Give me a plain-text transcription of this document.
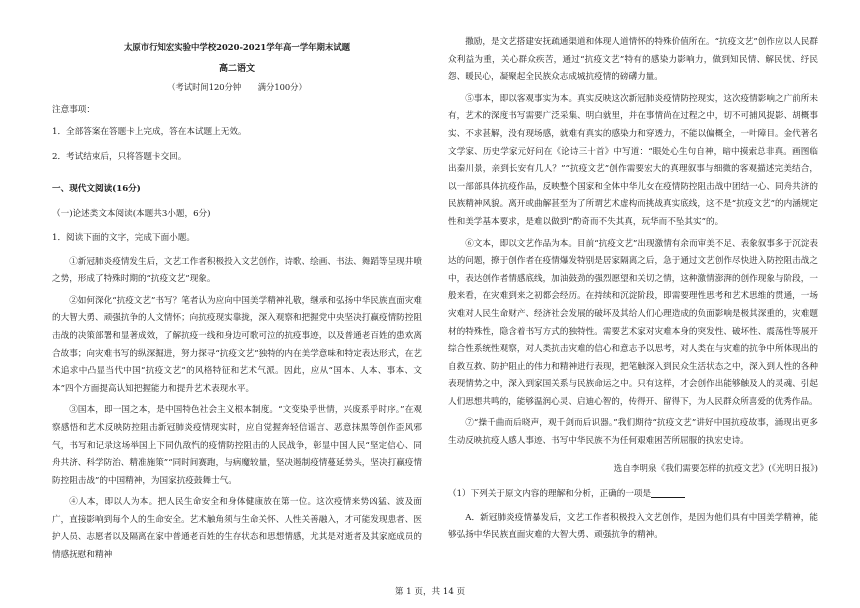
太原市行知宏实验中学校2020-2021学年高一学年期末试题
高二语文
（考试时间120分钟　　满分100分）
注意事项：
1．全部答案在答题卡上完成，答在本试题上无效。
2．考试结束后，只将答题卡交回。
一、现代文阅读(16分)
（一)论述类文本阅读(本题共3小题，6分)
1．阅读下面的文字，完成下面小题。

①新冠肺炎疫情发生后，文艺工作者积极投入文艺创作，诗歌、绘画、书法、舞蹈等呈现井喷之势，形成了特殊时期的“抗疫文艺”现象。

②如何深化“抗疫文艺”书写？笔者认为应向中国美学精神礼敬，继承和弘扬中华民族直面灾难的大智大勇、顽强抗争的人文情怀；向抗疫现实靠拢，深入观察和把握党中央坚决打赢疫情防控阻击战的决策部署和显著成效，了解抗疫一线和身边可歌可泣的抗疫事迹，以及普通老百姓的患欢离合故事；向灾难书写的纵深掘进，努力探寻“抗疫文艺”独特的内在美学意味和特定表达形式，在艺术追求中凸显当代中国“抗疫文艺”的风格特征和艺术气派。因此，应从“国本、人本、事本、文本”四个方面提高认知把握能力和提升艺术表现水平。

③国本，即一国之本，是中国特色社会主义根本制度。“文变染乎世情，兴废系乎时序。”在观察感悟和艺术反映防控阻击新冠肺炎疫情现实时，应自觉握奔轻信谣言、恶意抹黑等创作歪风邪气，书写和记录这场举国上下同仇敌忾的疫情防控阻击的人民战争，彰显中国人民“坚定信心、同舟共济、科学防治、精准施策”“同时间赛跑，与病魔较量，坚决遏制疫情蔓延势头，坚决打赢疫情防控阻击战”的中国精神，为国家抗疫鼓舞士气。

④人本，即以人为本。把人民生命安全和身体健康放在第一位。这次疫情来势凶猛、波及面广，直接影响到每个人的生命安全。艺术触角须与生命关怀、人性关善融入，才可能发现患者、医护人员、志愿者以及隔离在家中普通老百姓的生存状态和思想情感，尤其是对逝者及其家庭成员的情感抚慰和精神

撒励，是文艺搭建安抚疏通渠道和体现人道情怀的特殊价值所在。“抗疫文艺”创作应以人民群众利益为重，关心群众疾苦，通过“抗疫文艺”特有的感染力影响力，做到知民情、解民忧、纾民怨、暖民心，凝聚起全民族众志成城抗疫情的磅礴力量。

⑤事本，即以客观事实为本。真实反映这次新冠肺炎疫情防控现实，这次疫情影响之广前所未有，艺术的深度书写需要广泛采集、明白就里，并在事情尚在过程之中，切不可捕风捉影、胡概事实、不求甚解，没有现场感，就难有真实的感染力和穿透力，不能以偏概全，一叶障目。金代著名文学家、历史学家元好问在《论诗三十首》中写道：“眼处心生句自神，暗中摸索总非真。画图临出秦川景，亲到长安有几人？”“抗疫文艺”创作需要宏大的真理叙事与细微的客观描述完美结合，以一部部具体抗疫作品，反映整个国家和全体中华儿女在疫情防控阻击战中团结一心、同舟共济的民族精神风貌。离开或曲解甚至为了所谓艺术虚构而挑战真实底线，这不是“抗疫文艺”的内涵规定性和美学基本要求，是难以做到“酌奇而不失其真，玩华而不坠其实”的。

⑥文本，即以文艺作品为本。目前“抗疫文艺”出现激情有余而审美不足、表象叙事多于沉淀表达的问题，撩于创作者在疫情爆发特别是居家隔离之后，急于通过文艺创作尽快进入防控阻击战之中，表达创作者情感底线，加油鼓劲的强烈愿望和关切之情，这种激情澎湃的创作现象与阶段，一般来看，在灾难到来之初都会经历。在持续和沉淀阶段，即需要理性思考和艺术思维的贯通，一场灾难对人民生命财产、经济社会发展的破坏及其给人们心理造成的负面影响是极其深重的，灾难题材的特殊性，隐含着书写方式的独特性。需要艺术家对灾难本身的突发性、破坏性、震荡性等展开综合性系统性观察，对人类抗击灾难的信心和意志予以思考，对人类在与灾难的抗争中所体现出的自救互救、防护阻止的伟力和精神进行表现，把笔触深入到民众生活状态之中，深入到人性的各种表现情势之中，深入到家国关系与民族命运之中。只有这样，才会创作出能够触及人的灵魂、引起人们思想共鸣的，能够温润心灵、启迪心智的，传得开、留得下，为人民群众所喜爱的优秀作品。

⑦“操千曲而后晓声，观千剑而后识器。”我们期待“抗疫文艺”讲好中国抗疫故事，涌现出更多生动反映抗疫人感人事迹、书写中华民族不为任何艰难困苦所屈服的执宏史诗。

选自李明泉《我们需要怎样的抗疫文艺》(《光明日报》)

（1）下列关于原文内容的理解和分析，正确的一项是

A．新冠肺炎疫情暴发后，文艺工作者积极投入文艺创作，是因为他们具有中国美学精神，能够弘扬中华民族直面灾难的大智大勇、顽强抗争的精神。

第 1 页，共 14 页
